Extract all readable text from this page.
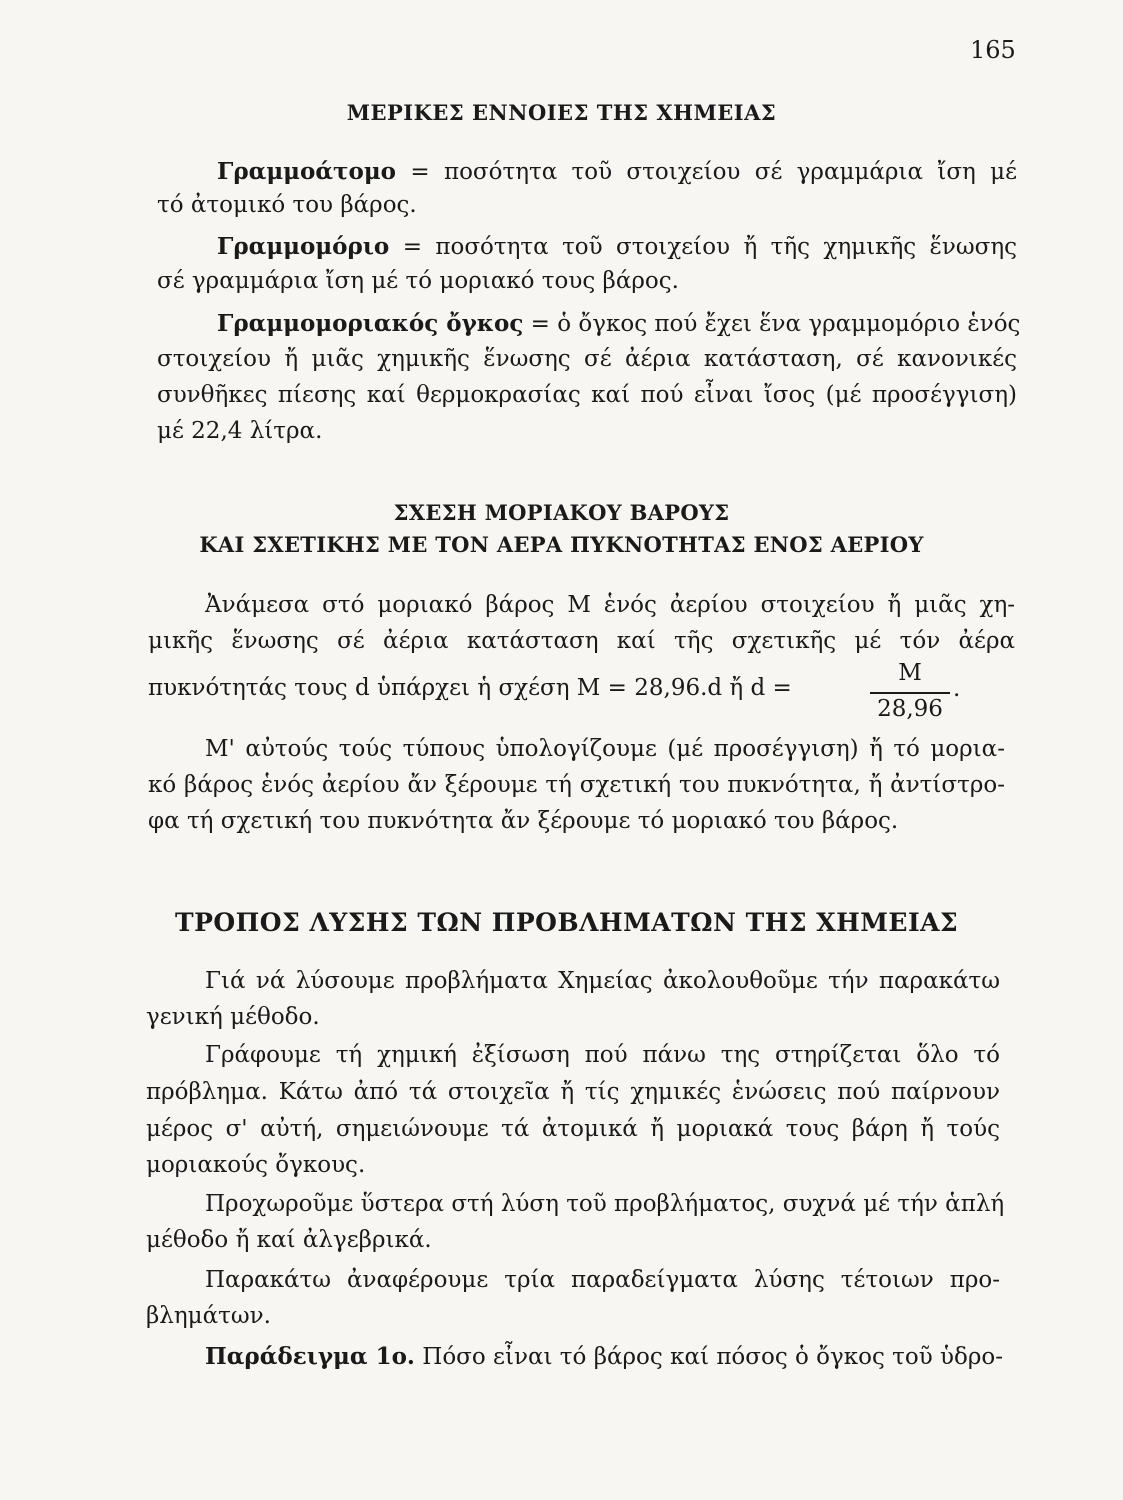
165
ΜΕΡΙΚΕΣ ΕΝΝΟΙΕΣ ΤΗΣ ΧΗΜΕΙΑΣ
Γραμμοάτομο = ποσότητα τοῦ στοιχείου σέ γραμμάρια ἴση μέ
τό ἀτομικό του βάρος.
Γραμμομόριο = ποσότητα τοῦ στοιχείου ἤ τῆς χημικῆς ἕνωσης
σέ γραμμάρια ἴση μέ τό μοριακό τους βάρος.
Γραμμομοριακός ὄγκος = ὁ ὄγκος πού ἔχει ἕνα γραμμομόριο ἑνός
στοιχείου ἤ μιᾶς χημικῆς ἕνωσης σέ ἀέρια κατάσταση, σέ κανονικές
συνθῆκες πίεσης καί θερμοκρασίας καί πού εἶναι ἴσος (μέ προσέγγιση)
μέ 22,4 λίτρα.
ΣΧΕΣΗ ΜΟΡΙΑΚΟΥ ΒΑΡΟΥΣ
ΚΑΙ ΣΧΕΤΙΚΗΣ ΜΕ ΤΟΝ ΑΕΡΑ ΠΥΚΝΟΤΗΤΑΣ ΕΝΟΣ ΑΕΡΙΟΥ
Ἀνάμεσα στό μοριακό βάρος Μ ἑνός ἀερίου στοιχείου ἤ μιᾶς χη-
μικῆς ἕνωσης σέ ἀέρια κατάσταση καί τῆς σχετικῆς μέ τόν ἀέρα
πυκνότητάς τους d ὑπάρχει ἡ σχέση Μ = 28,96.d ἤ d =
M
28,96
.
Μ' αὐτούς τούς τύπους ὑπολογίζουμε (μέ προσέγγιση) ἤ τό μορια-
κό βάρος ἑνός ἀερίου ἄν ξέρουμε τή σχετική του πυκνότητα, ἤ ἀντίστρο-
φα τή σχετική του πυκνότητα ἄν ξέρουμε τό μοριακό του βάρος.
ΤΡΟΠΟΣ ΛΥΣΗΣ ΤΩΝ ΠΡΟΒΛΗΜΑΤΩΝ ΤΗΣ ΧΗΜΕΙΑΣ
Γιά νά λύσουμε προβλήματα Χημείας ἀκολουθοῦμε τήν παρακάτω
γενική μέθοδο.
Γράφουμε τή χημική ἐξίσωση πού πάνω της στηρίζεται ὅλο τό
πρόβλημα. Κάτω ἀπό τά στοιχεῖα ἤ τίς χημικές ἑνώσεις πού παίρνουν
μέρος σ' αὐτή, σημειώνουμε τά ἀτομικά ἤ μοριακά τους βάρη ἤ τούς
μοριακούς ὄγκους.
Προχωροῦμε ὕστερα στή λύση τοῦ προβλήματος, συχνά μέ τήν ἁπλή
μέθοδο ἤ καί ἀλγεβρικά.
Παρακάτω ἀναφέρουμε τρία παραδείγματα λύσης τέτοιων προ-
βλημάτων.
Παράδειγμα 1ο. Πόσο εἶναι τό βάρος καί πόσος ὁ ὄγκος τοῦ ὑδρο-
